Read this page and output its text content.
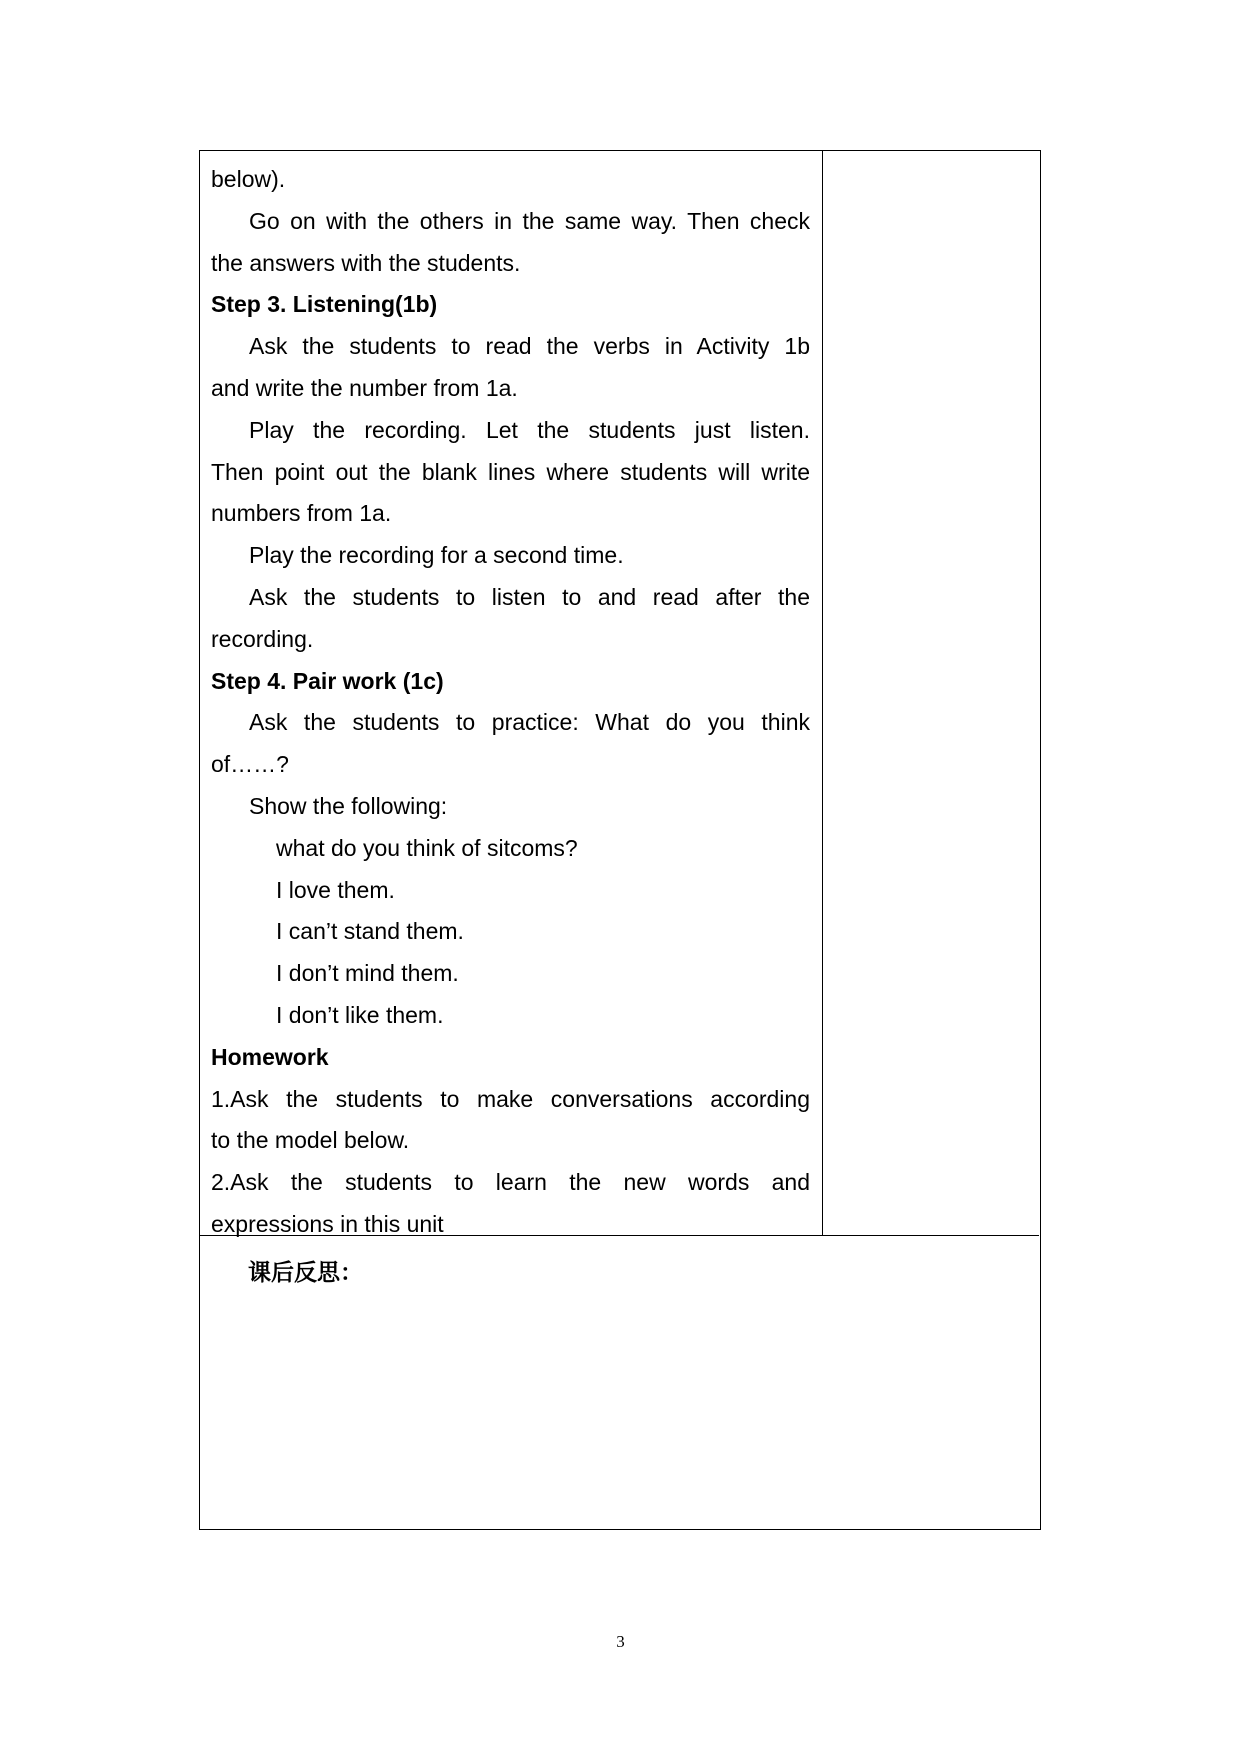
below).

Go on with the others in the same way. Then check

the answers with the students.

Step 3. Listening(1b)

Ask the students to read the verbs in Activity 1b

and write the number from 1a.

Play the recording. Let the students just listen.

Then point out the blank lines where students will write

numbers from 1a.

Play the recording for a second time.

Ask the students to listen to and read after the

recording.

Step 4. Pair work (1c)

Ask the students to practice: What do you think

of……?

Show the following:

what do you think of sitcoms?

I love them.

I can’t stand them.

I don’t mind them.

I don’t like them.

Homework

1.Ask the students to make conversations according

to the model below.

2.Ask the students to learn the new words and

expressions in this unit

课后反思：
3
